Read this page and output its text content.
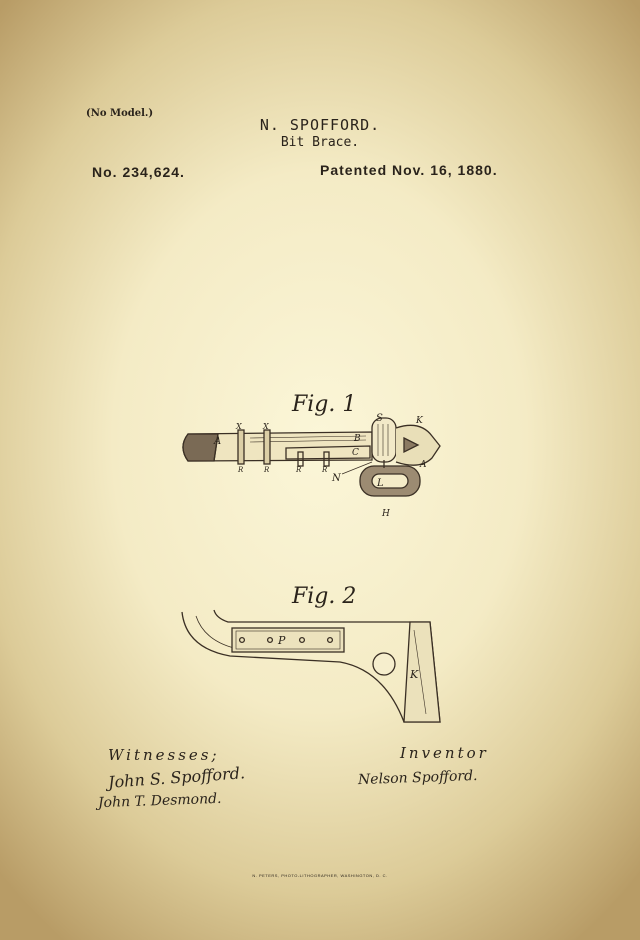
(No Model.)
N. SPOFFORD.
Bit Brace.
No. 234,624.	Patented Nov. 16, 1880.
Fig. 1
A
X	X
B
C
S	K
A
N	L
H
R	R	R	R
Fig. 2
P
K
Witnesses;
John S. Spofford.
John T. Desmond.
Inventor
Nelson Spofford.
N. PETERS, PHOTO-LITHOGRAPHER, WASHINGTON, D. C.
